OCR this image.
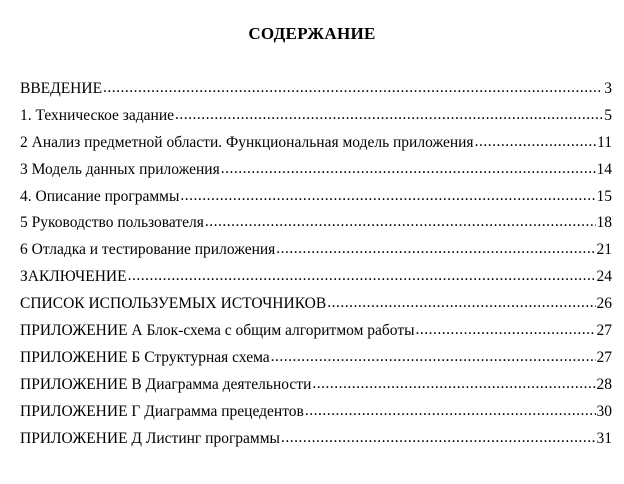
СОДЕРЖАНИЕ
ВВЕДЕНИЕ .....	3
1. Техническое задание .....	5
2 Анализ предметной области. Функциональная модель приложения .....	11
3 Модель данных приложения .....	14
4. Описание программы .....	15
5 Руководство пользователя .....	18
6 Отладка и тестирование приложения .....	21
ЗАКЛЮЧЕНИЕ .....	24
СПИСОК ИСПОЛЬЗУЕМЫХ ИСТОЧНИКОВ .....	26
ПРИЛОЖЕНИЕ А Блок-схема с общим алгоритмом работы .....	27
ПРИЛОЖЕНИЕ Б Структурная схема .....	27
ПРИЛОЖЕНИЕ В Диаграмма деятельности .....	28
ПРИЛОЖЕНИЕ Г Диаграмма прецедентов .....	30
ПРИЛОЖЕНИЕ Д Листинг программы .....	31
